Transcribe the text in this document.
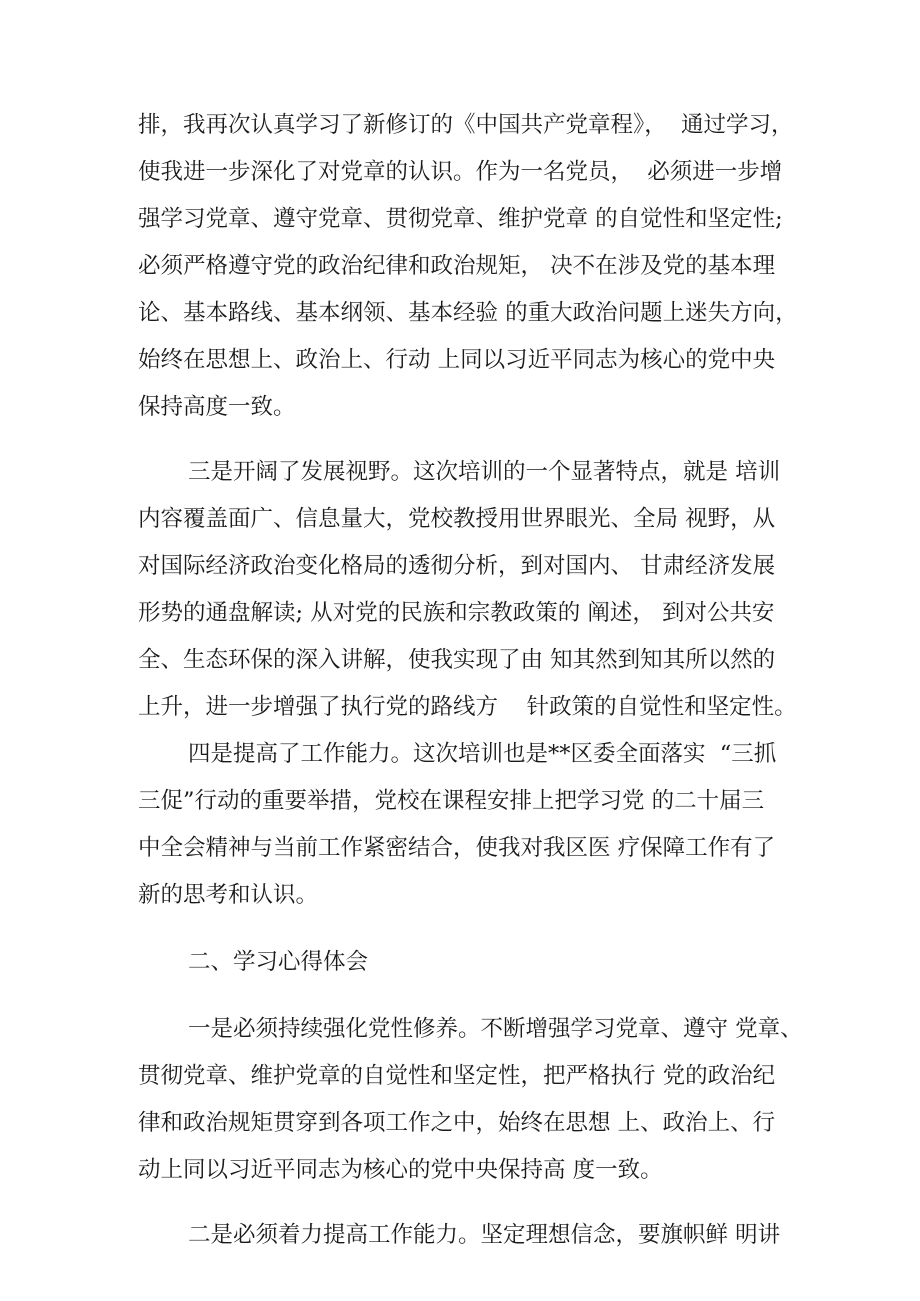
排，我再次认真学习了新修订的《中国共产党章程》，  通过学习，
使我进一步深化了对党章的认识。作为一名党员，  必须进一步增
强学习党章、遵守党章、贯彻党章、维护党章 的自觉性和坚定性;
必须严格遵守党的政治纪律和政治规矩， 决不在涉及党的基本理
论、基本路线、基本纲领、基本经验 的重大政治问题上迷失方向，
始终在思想上、政治上、行动 上同以习近平同志为核心的党中央
保持高度一致。
三是开阔了发展视野。这次培训的一个显著特点，就是 培训
内容覆盖面广、信息量大，党校教授用世界眼光、全局 视野，从
对国际经济政治变化格局的透彻分析，到对国内、 甘肃经济发展
形势的通盘解读; 从对党的民族和宗教政策的 阐述， 到对公共安
全、生态环保的深入讲解，使我实现了由 知其然到知其所以然的
上升，进一步增强了执行党的路线方    针政策的自觉性和坚定性。
四是提高了工作能力。这次培训也是**区委全面落实  “三抓
三促”行动的重要举措，党校在课程安排上把学习党 的二十届三
中全会精神与当前工作紧密结合，使我对我区医 疗保障工作有了
新的思考和认识。
二、学习心得体会
一是必须持续强化党性修养。不断增强学习党章、遵守 党章、
贯彻党章、维护党章的自觉性和坚定性，把严格执行 党的政治纪
律和政治规矩贯穿到各项工作之中，始终在思想 上、政治上、行
动上同以习近平同志为核心的党中央保持高 度一致。
二是必须着力提高工作能力。坚定理想信念，要旗帜鲜 明讲
